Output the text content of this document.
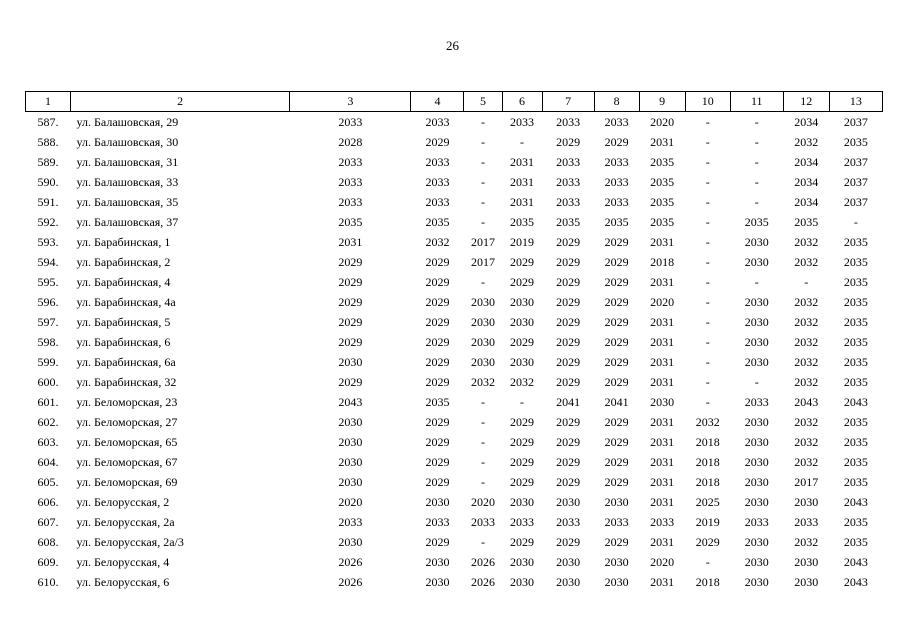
26
1	2	3	4	5	6	7	8	9	10	11	12	13
587.	ул. Балашовская, 29	2033	2033	-	2033	2033	2033	2020	-	-	2034	2037
588.	ул. Балашовская, 30	2028	2029	-	-	2029	2029	2031	-	-	2032	2035
589.	ул. Балашовская, 31	2033	2033	-	2031	2033	2033	2035	-	-	2034	2037
590.	ул. Балашовская, 33	2033	2033	-	2031	2033	2033	2035	-	-	2034	2037
591.	ул. Балашовская, 35	2033	2033	-	2031	2033	2033	2035	-	-	2034	2037
592.	ул. Балашовская, 37	2035	2035	-	2035	2035	2035	2035	-	2035	2035	-
593.	ул. Барабинская, 1	2031	2032	2017	2019	2029	2029	2031	-	2030	2032	2035
594.	ул. Барабинская, 2	2029	2029	2017	2029	2029	2029	2018	-	2030	2032	2035
595.	ул. Барабинская, 4	2029	2029	-	2029	2029	2029	2031	-	-	-	2035
596.	ул. Барабинская, 4а	2029	2029	2030	2030	2029	2029	2020	-	2030	2032	2035
597.	ул. Барабинская, 5	2029	2029	2030	2030	2029	2029	2031	-	2030	2032	2035
598.	ул. Барабинская, 6	2029	2029	2030	2029	2029	2029	2031	-	2030	2032	2035
599.	ул. Барабинская, 6а	2030	2029	2030	2030	2029	2029	2031	-	2030	2032	2035
600.	ул. Барабинская, 32	2029	2029	2032	2032	2029	2029	2031	-	-	2032	2035
601.	ул. Беломорская, 23	2043	2035	-	-	2041	2041	2030	-	2033	2043	2043
602.	ул. Беломорская, 27	2030	2029	-	2029	2029	2029	2031	2032	2030	2032	2035
603.	ул. Беломорская, 65	2030	2029	-	2029	2029	2029	2031	2018	2030	2032	2035
604.	ул. Беломорская, 67	2030	2029	-	2029	2029	2029	2031	2018	2030	2032	2035
605.	ул. Беломорская, 69	2030	2029	-	2029	2029	2029	2031	2018	2030	2017	2035
606.	ул. Белорусская, 2	2020	2030	2020	2030	2030	2030	2031	2025	2030	2030	2043
607.	ул. Белорусская, 2а	2033	2033	2033	2033	2033	2033	2033	2019	2033	2033	2035
608.	ул. Белорусская, 2а/3	2030	2029	-	2029	2029	2029	2031	2029	2030	2032	2035
609.	ул. Белорусская, 4	2026	2030	2026	2030	2030	2030	2020	-	2030	2030	2043
610.	ул. Белорусская, 6	2026	2030	2026	2030	2030	2030	2031	2018	2030	2030	2043
